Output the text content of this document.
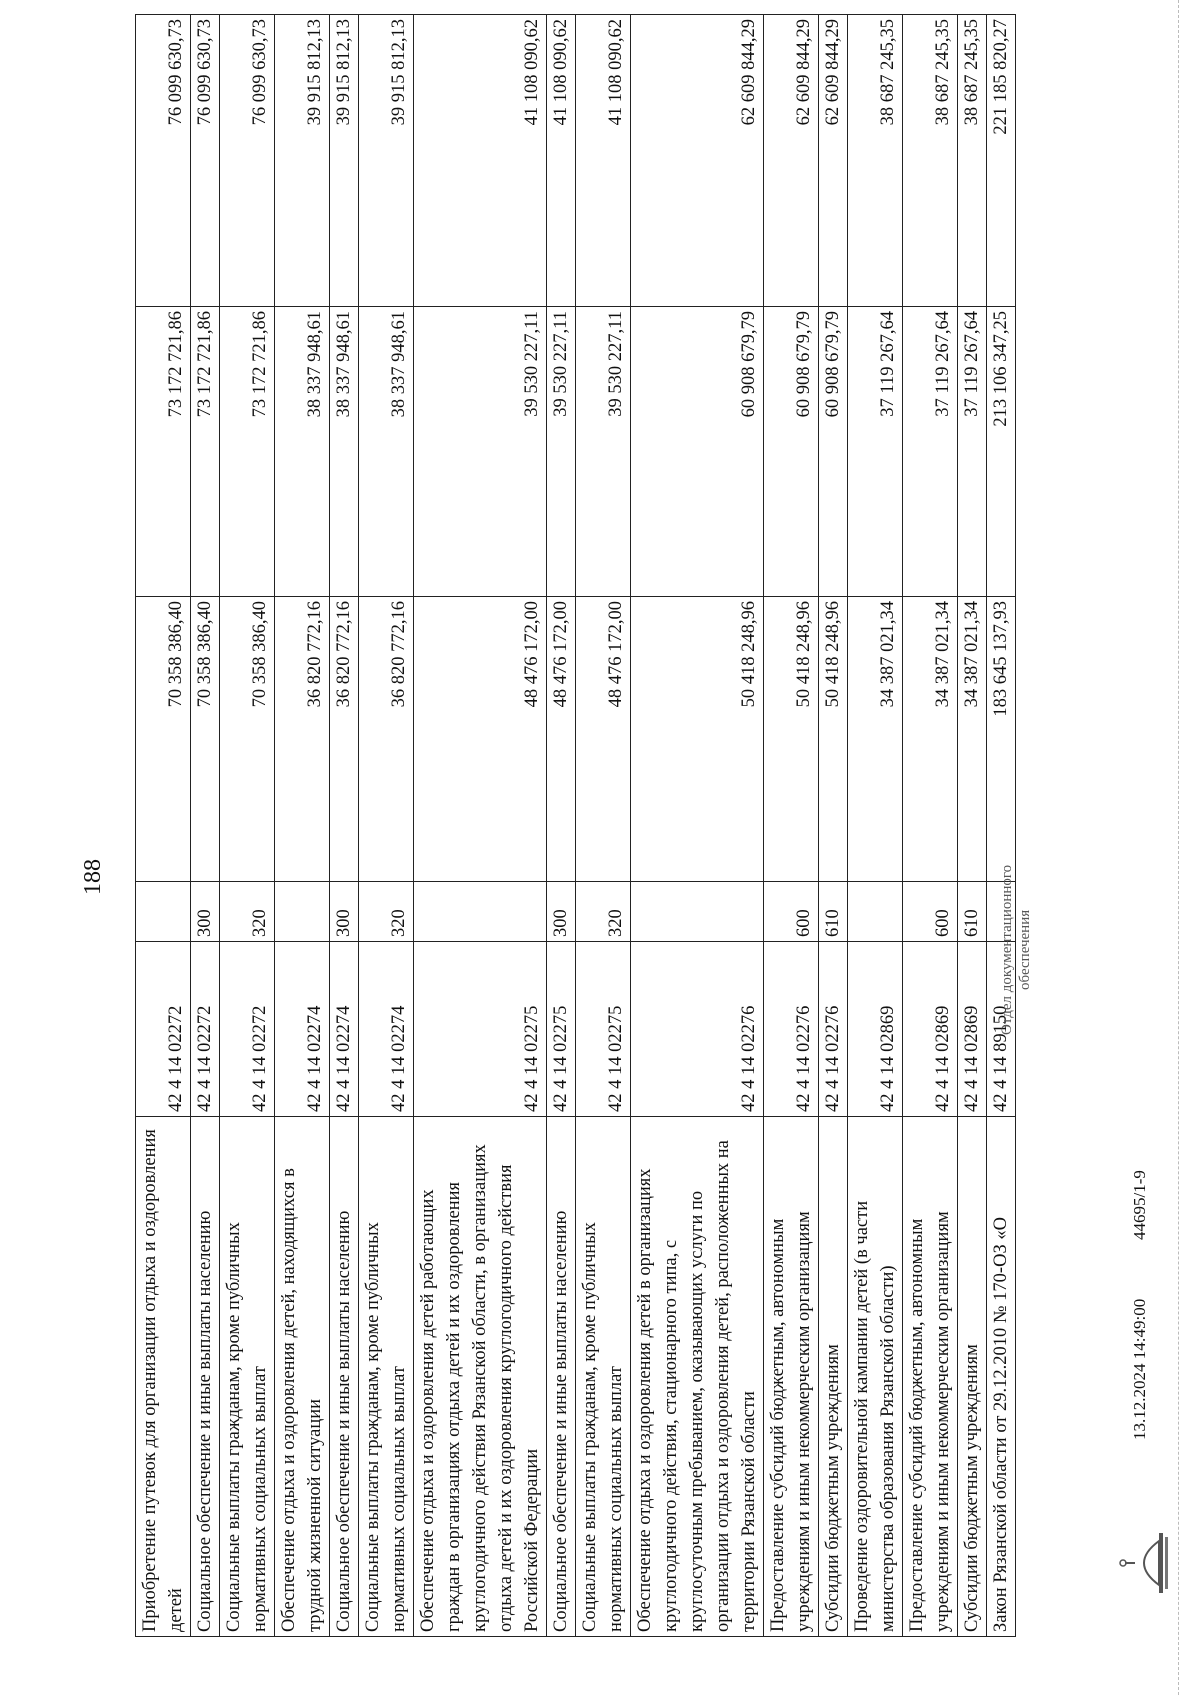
188
Приобретение путевок для организации отдыха и оздоровления детей	42 4 14 02272		70 358 386,40	73 172 721,86	76 099 630,73
Социальное обеспечение и иные выплаты населению	42 4 14 02272	300	70 358 386,40	73 172 721,86	76 099 630,73
Социальные выплаты гражданам, кроме публичных нормативных социальных выплат	42 4 14 02272	320	70 358 386,40	73 172 721,86	76 099 630,73
Обеспечение отдыха и оздоровления детей, находящихся в трудной жизненной ситуации	42 4 14 02274		36 820 772,16	38 337 948,61	39 915 812,13
Социальное обеспечение и иные выплаты населению	42 4 14 02274	300	36 820 772,16	38 337 948,61	39 915 812,13
Социальные выплаты гражданам, кроме публичных нормативных социальных выплат	42 4 14 02274	320	36 820 772,16	38 337 948,61	39 915 812,13
Обеспечение отдыха и оздоровления детей работающих граждан в организациях отдыха детей и их оздоровления круглогодичного действия Рязанской области, в организациях отдыха детей и их оздоровления круглогодичного действия Российской Федерации	42 4 14 02275		48 476 172,00	39 530 227,11	41 108 090,62
Социальное обеспечение и иные выплаты населению	42 4 14 02275	300	48 476 172,00	39 530 227,11	41 108 090,62
Социальные выплаты гражданам, кроме публичных нормативных социальных выплат	42 4 14 02275	320	48 476 172,00	39 530 227,11	41 108 090,62
Обеспечение отдыха и оздоровления детей в организациях круглогодичного действия, стационарного типа, с круглосуточным пребыванием, оказывающих услуги по организации отдыха и оздоровления детей, расположенных на территории Рязанской области	42 4 14 02276		50 418 248,96	60 908 679,79	62 609 844,29
Предоставление субсидий бюджетным, автономным учреждениям и иным некоммерческим организациям	42 4 14 02276	600	50 418 248,96	60 908 679,79	62 609 844,29
Субсидии бюджетным учреждениям	42 4 14 02276	610	50 418 248,96	60 908 679,79	62 609 844,29
Проведение оздоровительной кампании детей (в части министерства образования Рязанской области)	42 4 14 02869		34 387 021,34	37 119 267,64	38 687 245,35
Предоставление субсидий бюджетным, автономным учреждениям и иным некоммерческим организациям	42 4 14 02869	600	34 387 021,34	37 119 267,64	38 687 245,35
Субсидии бюджетным учреждениям	42 4 14 02869	610	34 387 021,34	37 119 267,64	38 687 245,35
Закон Рязанской области от 29.12.2010 № 170-ОЗ «О	42 4 14 89150		183 645 137,93	213 106 347,25	221 185 820,27
Отдел документационного обеспечения
13.12.2024 14:49:00
44695/1-9
